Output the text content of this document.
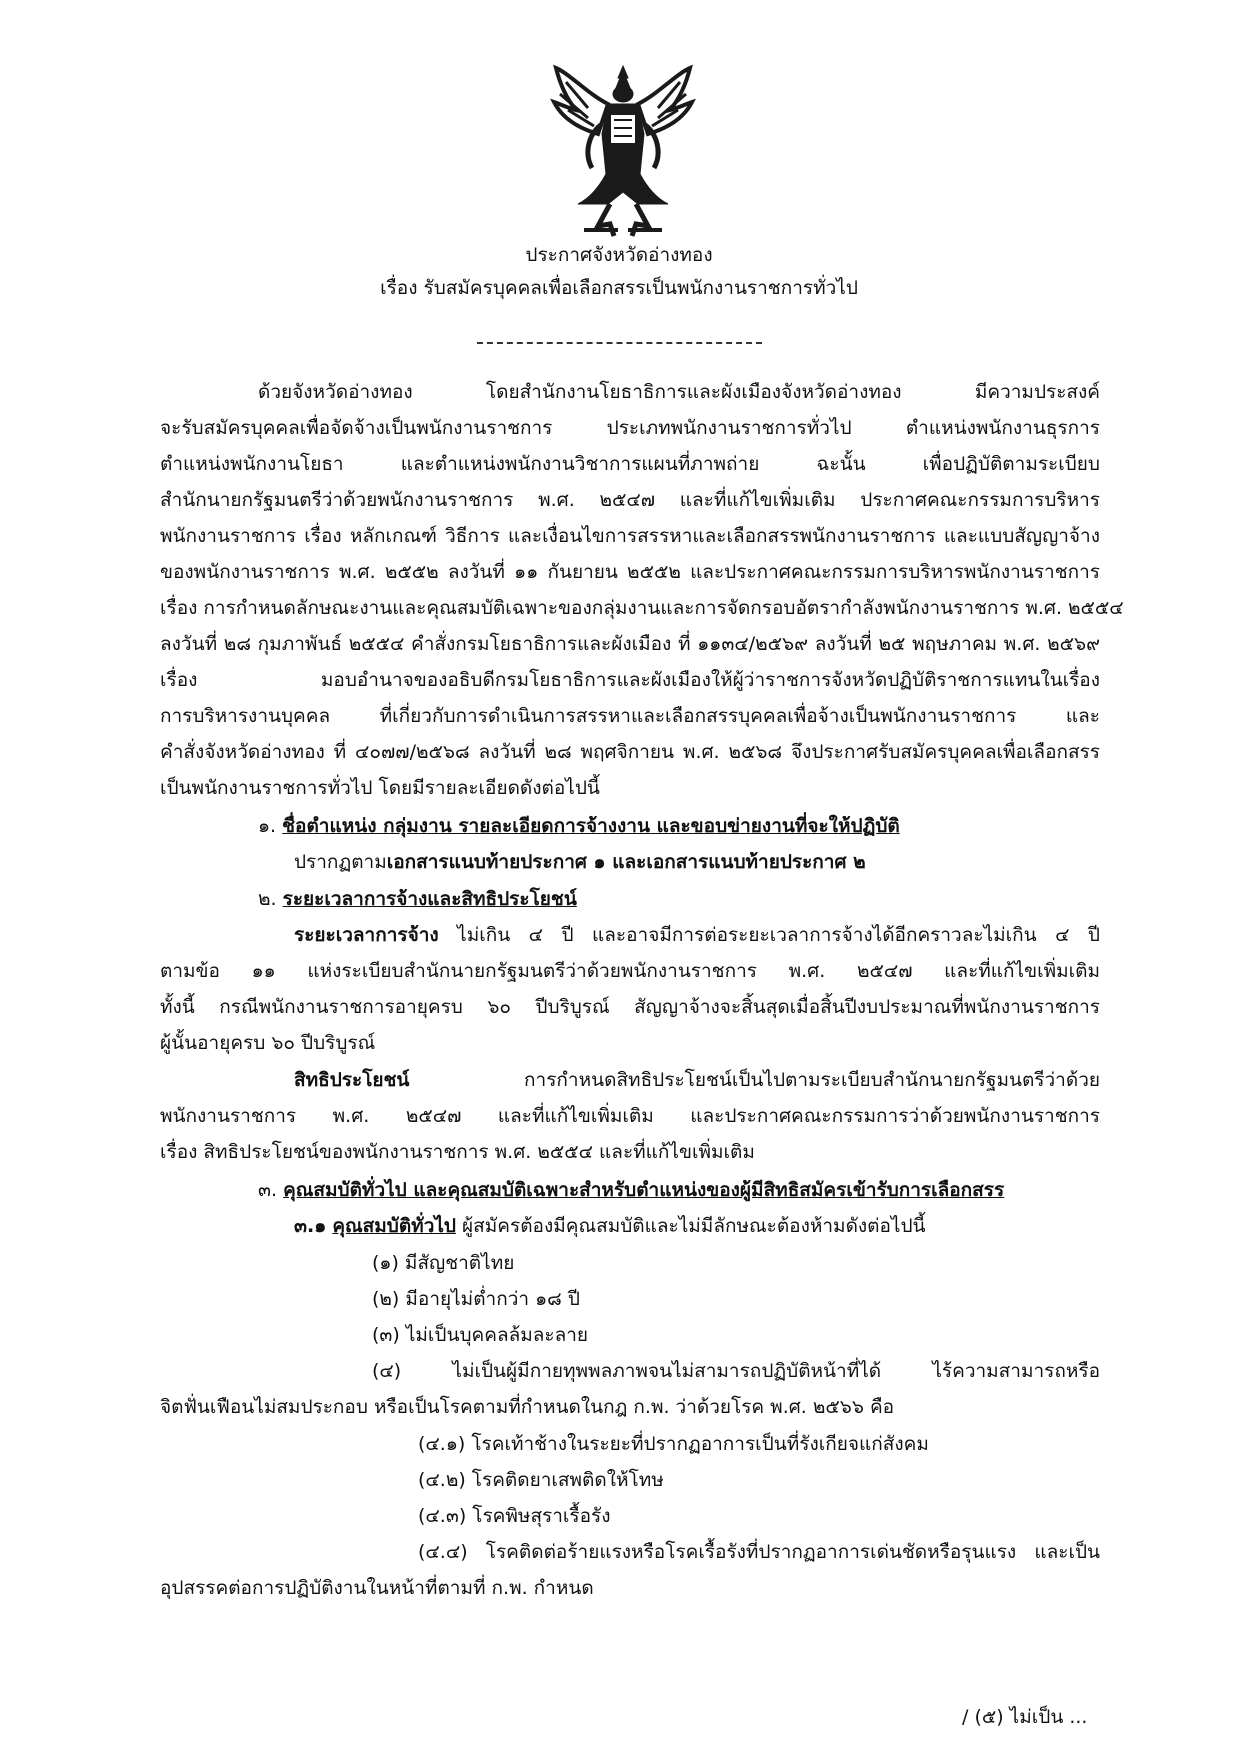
ประกาศจังหวัดอ่างทอง
เรื่อง รับสมัครบุคคลเพื่อเลือกสรรเป็นพนักงานราชการทั่วไป
ด้วยจังหวัดอ่างทอง โดยสำนักงานโยธาธิการและผังเมืองจังหวัดอ่างทอง มีความประสงค์
จะรับสมัครบุคคลเพื่อจัดจ้างเป็นพนักงานราชการ ประเภทพนักงานราชการทั่วไป ตำแหน่งพนักงานธุรการ
ตำแหน่งพนักงานโยธา และตำแหน่งพนักงานวิชาการแผนที่ภาพถ่าย ฉะนั้น เพื่อปฏิบัติตามระเบียบ
สำนักนายกรัฐมนตรีว่าด้วยพนักงานราชการ พ.ศ. ๒๕๔๗ และที่แก้ไขเพิ่มเติม ประกาศคณะกรรมการบริหาร
พนักงานราชการ เรื่อง หลักเกณฑ์ วิธีการ และเงื่อนไขการสรรหาและเลือกสรรพนักงานราชการ และแบบสัญญาจ้าง
ของพนักงานราชการ พ.ศ. ๒๕๕๒ ลงวันที่ ๑๑ กันยายน ๒๕๕๒ และประกาศคณะกรรมการบริหารพนักงานราชการ
เรื่อง การกำหนดลักษณะงานและคุณสมบัติเฉพาะของกลุ่มงานและการจัดกรอบอัตรากำลังพนักงานราชการ พ.ศ. ๒๕๕๔
ลงวันที่ ๒๘ กุมภาพันธ์ ๒๕๕๔ คำสั่งกรมโยธาธิการและผังเมือง ที่ ๑๑๓๔/๒๕๖๙ ลงวันที่ ๒๕ พฤษภาคม พ.ศ. ๒๕๖๙
เรื่อง มอบอำนาจของอธิบดีกรมโยธาธิการและผังเมืองให้ผู้ว่าราชการจังหวัดปฏิบัติราชการแทนในเรื่อง
การบริหารงานบุคคล ที่เกี่ยวกับการดำเนินการสรรหาและเลือกสรรบุคคลเพื่อจ้างเป็นพนักงานราชการ และ
คำสั่งจังหวัดอ่างทอง ที่ ๔๐๗๗/๒๕๖๘ ลงวันที่ ๒๘ พฤศจิกายน พ.ศ. ๒๕๖๘ จึงประกาศรับสมัครบุคคลเพื่อเลือกสรร
เป็นพนักงานราชการทั่วไป โดยมีรายละเอียดดังต่อไปนี้
๑. ชื่อตำแหน่ง กลุ่มงาน รายละเอียดการจ้างงาน และขอบข่ายงานที่จะให้ปฏิบัติ
ปรากฏตามเอกสารแนบท้ายประกาศ ๑ และเอกสารแนบท้ายประกาศ ๒
๒. ระยะเวลาการจ้างและสิทธิประโยชน์
ระยะเวลาการจ้าง ไม่เกิน ๔ ปี และอาจมีการต่อระยะเวลาการจ้างได้อีกคราวละไม่เกิน ๔ ปี
ตามข้อ ๑๑ แห่งระเบียบสำนักนายกรัฐมนตรีว่าด้วยพนักงานราชการ พ.ศ. ๒๕๔๗ และที่แก้ไขเพิ่มเติม
ทั้งนี้ กรณีพนักงานราชการอายุครบ ๖๐ ปีบริบูรณ์ สัญญาจ้างจะสิ้นสุดเมื่อสิ้นปีงบประมาณที่พนักงานราชการ
ผู้นั้นอายุครบ ๖๐ ปีบริบูรณ์
สิทธิประโยชน์ การกำหนดสิทธิประโยชน์เป็นไปตามระเบียบสำนักนายกรัฐมนตรีว่าด้วย
พนักงานราชการ พ.ศ. ๒๕๔๗ และที่แก้ไขเพิ่มเติม และประกาศคณะกรรมการว่าด้วยพนักงานราชการ
เรื่อง สิทธิประโยชน์ของพนักงานราชการ พ.ศ. ๒๕๕๔ และที่แก้ไขเพิ่มเติม
๓. คุณสมบัติทั่วไป และคุณสมบัติเฉพาะสำหรับตำแหน่งของผู้มีสิทธิสมัครเข้ารับการเลือกสรร
๓.๑ คุณสมบัติทั่วไป ผู้สมัครต้องมีคุณสมบัติและไม่มีลักษณะต้องห้ามดังต่อไปนี้
(๑) มีสัญชาติไทย
(๒) มีอายุไม่ต่ำกว่า ๑๘ ปี
(๓) ไม่เป็นบุคคลล้มละลาย
(๔) ไม่เป็นผู้มีกายทุพพลภาพจนไม่สามารถปฏิบัติหน้าที่ได้ ไร้ความสามารถหรือ
จิตฟั่นเฟือนไม่สมประกอบ หรือเป็นโรคตามที่กำหนดในกฎ ก.พ. ว่าด้วยโรค พ.ศ. ๒๕๖๖ คือ
(๔.๑) โรคเท้าช้างในระยะที่ปรากฏอาการเป็นที่รังเกียจแก่สังคม
(๔.๒) โรคติดยาเสพติดให้โทษ
(๔.๓) โรคพิษสุราเรื้อรัง
(๔.๔) โรคติดต่อร้ายแรงหรือโรคเรื้อรังที่ปรากฏอาการเด่นชัดหรือรุนแรง และเป็น
อุปสรรคต่อการปฏิบัติงานในหน้าที่ตามที่ ก.พ. กำหนด
/ (๕) ไม่เป็น ...
